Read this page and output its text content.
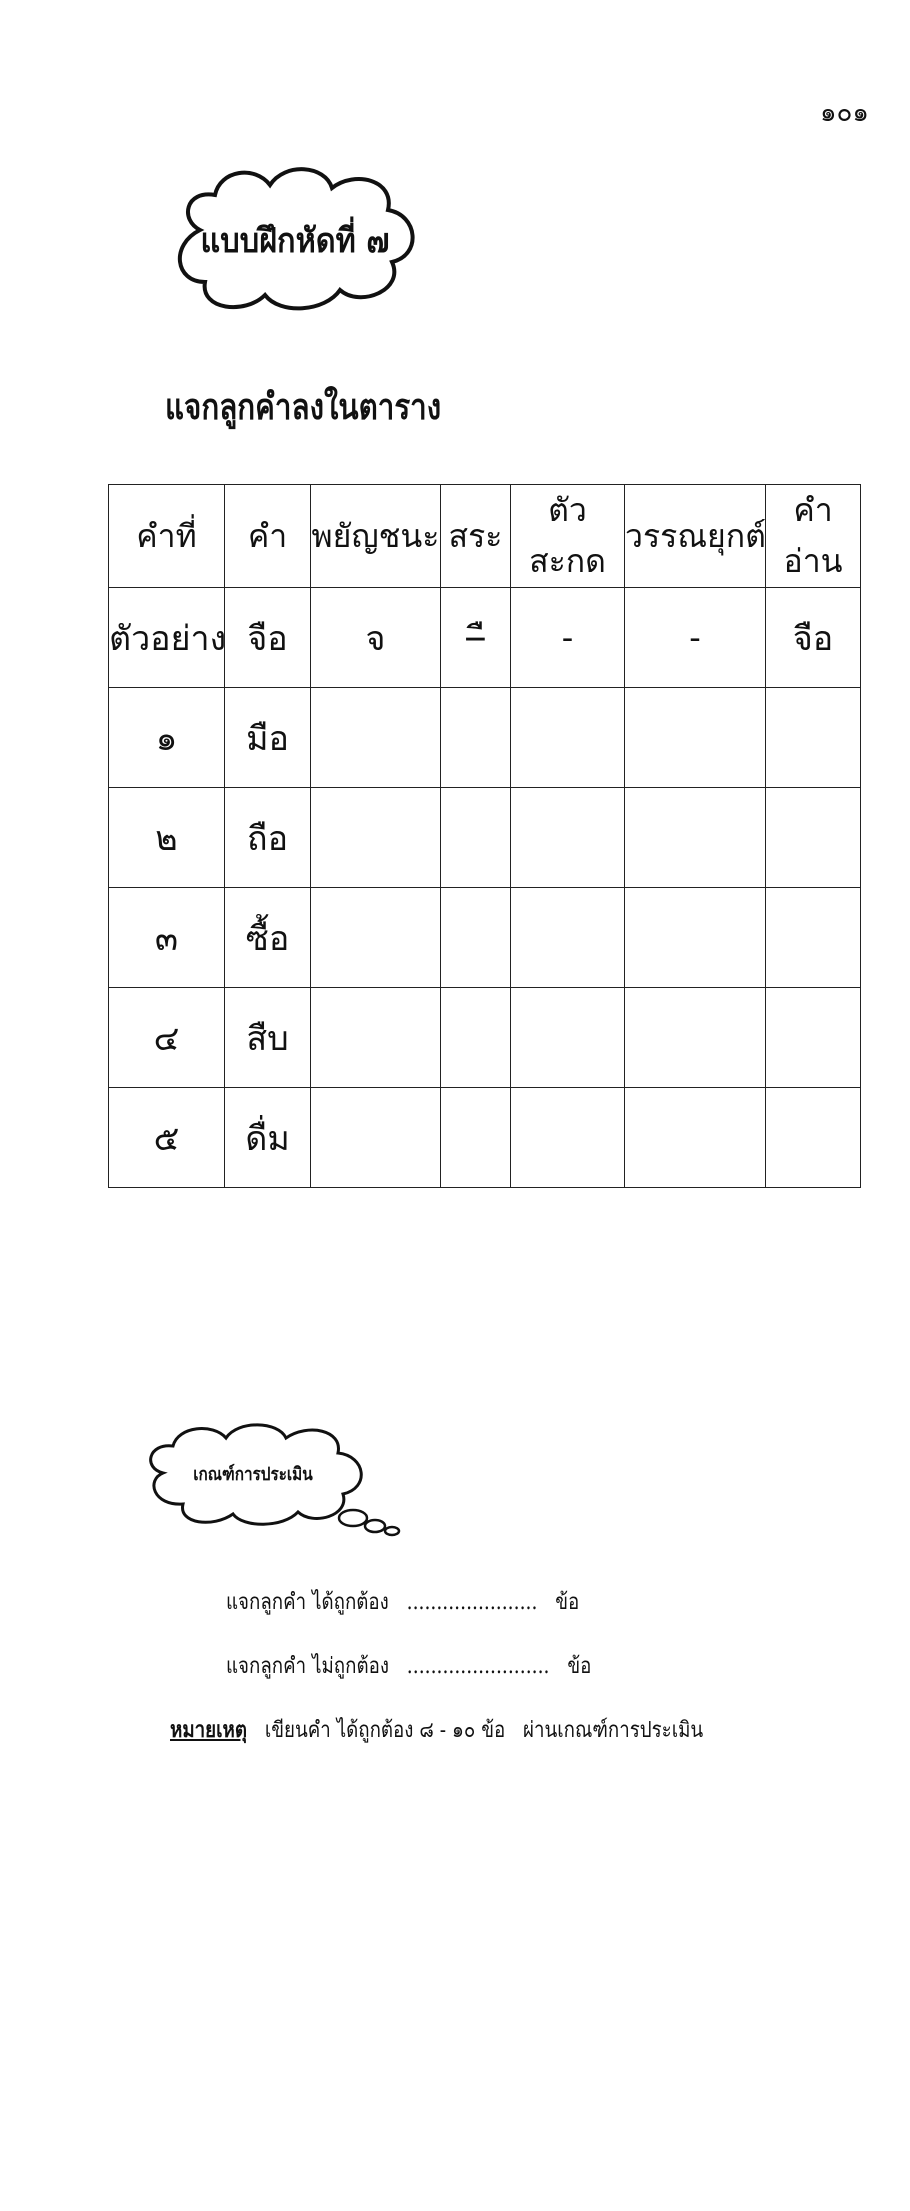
๑๐๑
แบบฝึกหัดที่ ๗
แจกลูกคำลงในตาราง
คำที่	คำ	พยัญชนะ	สระ	ตัวสะกด	วรรณยุกต์	คำอ่าน
ตัวอย่าง	จือ	จ	–ื	-	-	จือ
๑	มือ					
๒	ถือ					
๓	ซื้อ					
๔	สืบ					
๕	ดื่ม					
เกณฑ์การประเมิน
แจกลูกคำ ได้ถูกต้อง ...................... ข้อ
แจกลูกคำ ไม่ถูกต้อง ........................ ข้อ
หมายเหตุ เขียนคำ ได้ถูกต้อง ๘ - ๑๐ ข้อ   ผ่านเกณฑ์การประเมิน
